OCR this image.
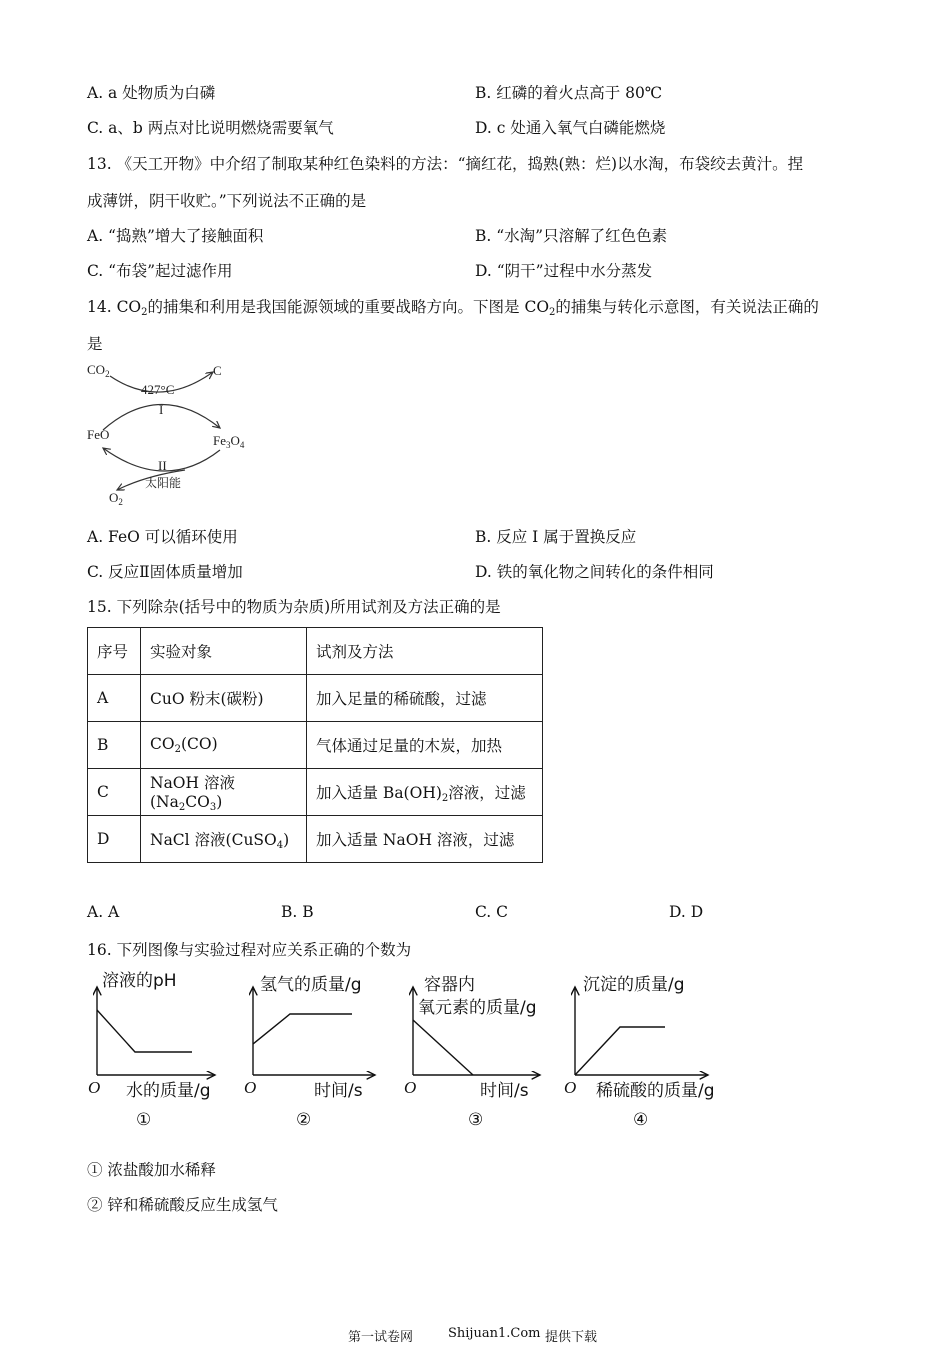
A. a 处物质为白磷	B. 红磷的着火点高于 80℃
C. a、b 两点对比说明燃烧需要氧气	D. c 处通入氧气白磷能燃烧
13. 《天工开物》中介绍了制取某种红色染料的方法：“摘红花，捣熟(熟：烂)以水淘，布袋绞去黄汁。捏
成薄饼，阴干收贮。”下列说法不正确的是
A. “捣熟”增大了接触面积	B. “水淘”只溶解了红色色素
C. “布袋”起过滤作用	D. “阴干”过程中水分蒸发
14. $CO_2$的捕集和利用是我国能源领域的重要战略方向。下图是 $CO_2$的捕集与转化示意图，有关说法正确的
是
$CO_2$	C
427°C
I
FeO	$Fe_3O_4$
II
太阳能
$O_2$
A. FeO 可以循环使用	B. 反应 I 属于置换反应
C. 反应Ⅱ固体质量增加	D. 铁的氧化物之间转化的条件相同
15. 下列除杂(括号中的物质为杂质)所用试剂及方法正确的是
序号	实验对象	试剂及方法
A	CuO 粉末(碳粉)	加入足量的稀硫酸，过滤
B	$CO_2(CO)$	气体通过足量的木炭，加热
C	NaOH 溶液$(Na_2CO_3)$	加入适量 $Ba(OH)_2$溶液，过滤
D	NaCl 溶液(CuSO$_4$)	加入适量 NaOH 溶液，过滤
A. A	B. B	C. C	D. D
16. 下列图像与实验过程对应关系正确的个数为
溶液的pH
O 水的质量/g
①
氢气的质量/g
O	时间/s
②
容器内
氧元素的质量/g
O	时间/s
③
沉淀的质量/g
O 稀硫酸的质量/g
④
① 浓盐酸加水稀释
② 锌和稀硫酸反应生成氢气
第一试卷网	Shijuan1.Com 提供下载
